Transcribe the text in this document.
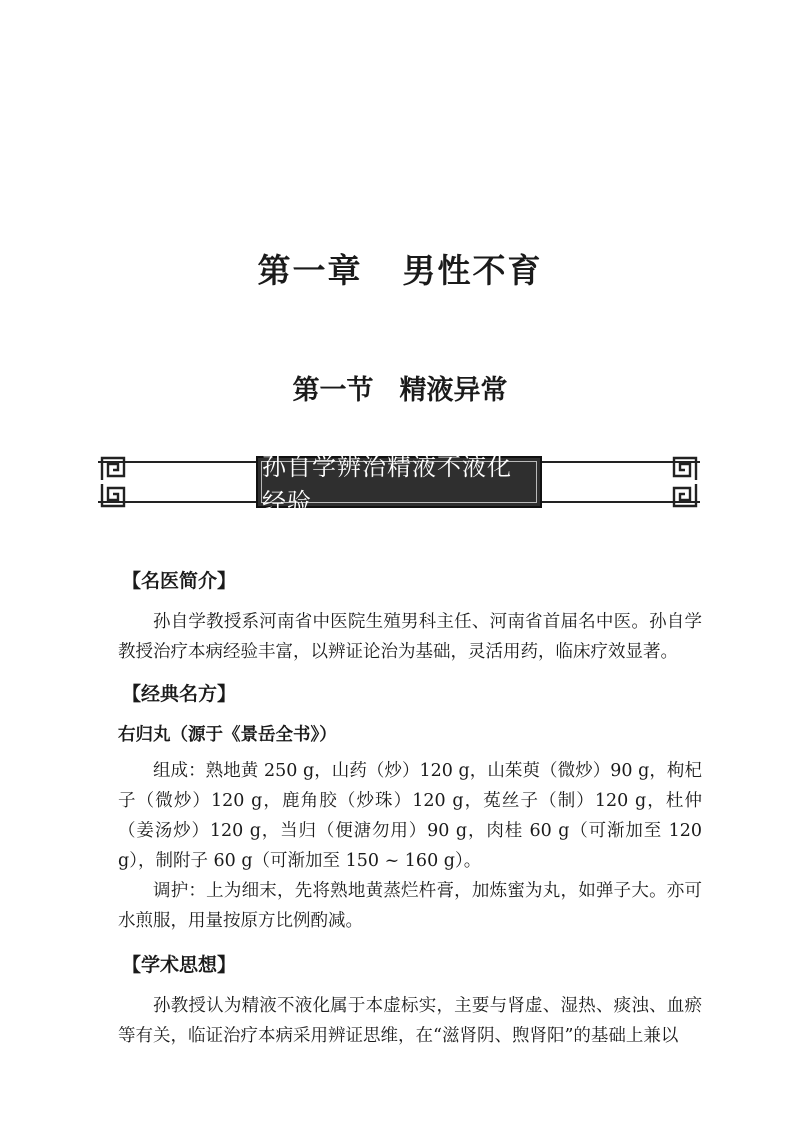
第一章 男性不育
第一节 精液异常
孙自学辨治精液不液化经验
【名医简介】

孙自学教授系河南省中医院生殖男科主任、河南省首届名中医。孙自学教授治疗本病经验丰富，以辨证论治为基础，灵活用药，临床疗效显著。

【经典名方】
右归丸（源于《景岳全书》）

组成：熟地黄 250 g，山药（炒）120 g，山茱萸（微炒）90 g，枸杞子（微炒）120 g，鹿角胶（炒珠）120 g，菟丝子（制）120 g，杜仲（姜汤炒）120 g，当归（便溏勿用）90 g，肉桂 60 g（可渐加至 120 g），制附子 60 g（可渐加至 150 ~ 160 g）。

调护：上为细末，先将熟地黄蒸烂杵膏，加炼蜜为丸，如弹子大。亦可水煎服，用量按原方比例酌减。

【学术思想】

孙教授认为精液不液化属于本虚标实，主要与肾虚、湿热、痰浊、血瘀等有关，临证治疗本病采用辨证思维，在“滋肾阴、煦肾阳”的基础上兼以
